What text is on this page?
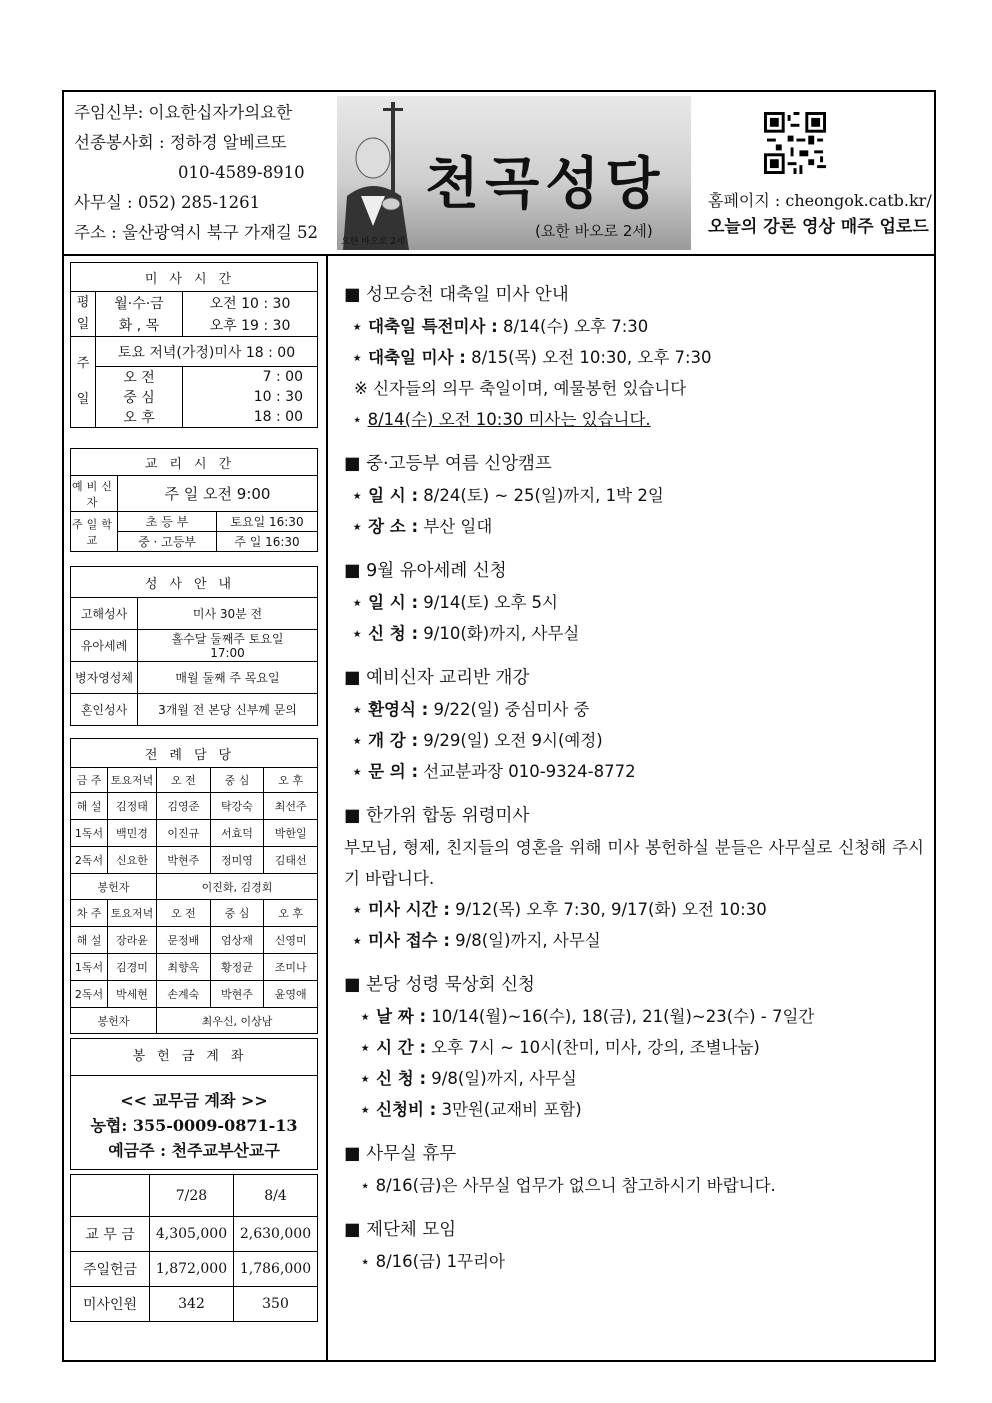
주임신부: 이요한십자가의요한
선종봉사회 : 정하경 알베르또
010-4589-8910
사무실 : 052) 285-1261
주소 : 울산광역시 북구 가재길 52
천곡성당
(요한 바오로 2세)
요한 바오로 2세
홈페이지 : cheongok.catb.kr/
오늘의 강론 영상 매주 업로드
미사시간		
평일	월·수·금	오전 10 : 30
	화 , 목	오후 19 : 30
주일	토요 저녁(가정)미사 18 : 00	
	오 전	7 : 00
	중 심	10 : 30
	오 후	18 : 00
교리시간		
예비신자	주 일 오전 9:00	
주일학교	초 등 부	토요일 16:30
	중 · 고등부	주 일 16:30
성사안내	
고해성사	미사 30분 전
유아세례	홀수달 둘째주 토요일 17:00
병자영성체	매월 둘째 주 목요일
혼인성사	3개월 전 본당 신부께 문의
전례담당				
금 주	토요저녁	오 전	중 심	오 후
해 설	김정태	김영준	탁강숙	최선주
1독서	백민경	이진규	서효덕	박한일
2독서	신요한	박현주	정미영	김태선
봉헌자		이진화, 김경회		
차 주	토요저녁	오 전	중 심	오 후
해 설	장라윤	문정배	엄상재	신영미
1독서	김경미	최향옥	황정균	조미나
2독서	박세현	손계숙	박현주	윤영애
봉헌자		최우신, 이상남		
봉헌금계좌
<< 교무금 계좌 >>
농협: 355-0009-0871-13
예금주 : 천주교부산교구
	7/28	8/4
교 무 금	4,305,000	2,630,000
주일헌금	1,872,000	1,786,000
미사인원	342	350
■ 성모승천 대축일 미사 안내

⋆ 대축일 특전미사 : 8/14(수) 오후 7:30

⋆ 대축일 미사 : 8/15(목) 오전 10:30, 오후 7:30

※ 신자들의 의무 축일이며, 예물봉헌 있습니다

⋆ 8/14(수) 오전 10:30 미사는 있습니다.

■ 중·고등부 여름 신앙캠프

⋆ 일 시 : 8/24(토) ~ 25(일)까지, 1박 2일

⋆ 장 소 : 부산 일대

■ 9월 유아세례 신청

⋆ 일 시 : 9/14(토) 오후 5시

⋆ 신 청 : 9/10(화)까지, 사무실

■ 예비신자 교리반 개강

⋆ 환영식 : 9/22(일) 중심미사 중

⋆ 개 강 : 9/29(일) 오전 9시(예정)

⋆ 문 의 : 선교분과장 010-9324-8772

■ 한가위 합동 위령미사

부모님, 형제, 친지들의 영혼을 위해 미사 봉헌하실 분들은 사무실로 신청해 주시기 바랍니다.

⋆ 미사 시간 : 9/12(목) 오후 7:30, 9/17(화) 오전 10:30

⋆ 미사 접수 : 9/8(일)까지, 사무실

■ 본당 성령 묵상회 신청

⋆ 날 짜 : 10/14(월)~16(수), 18(금), 21(월)~23(수) - 7일간

⋆ 시 간 : 오후 7시 ~ 10시(찬미, 미사, 강의, 조별나눔)

⋆ 신 청 : 9/8(일)까지, 사무실

⋆ 신청비 : 3만원(교재비 포함)

■ 사무실 휴무

⋆ 8/16(금)은 사무실 업무가 없으니 참고하시기 바랍니다.

■ 제단체 모임

⋆ 8/16(금) 1꾸리아
